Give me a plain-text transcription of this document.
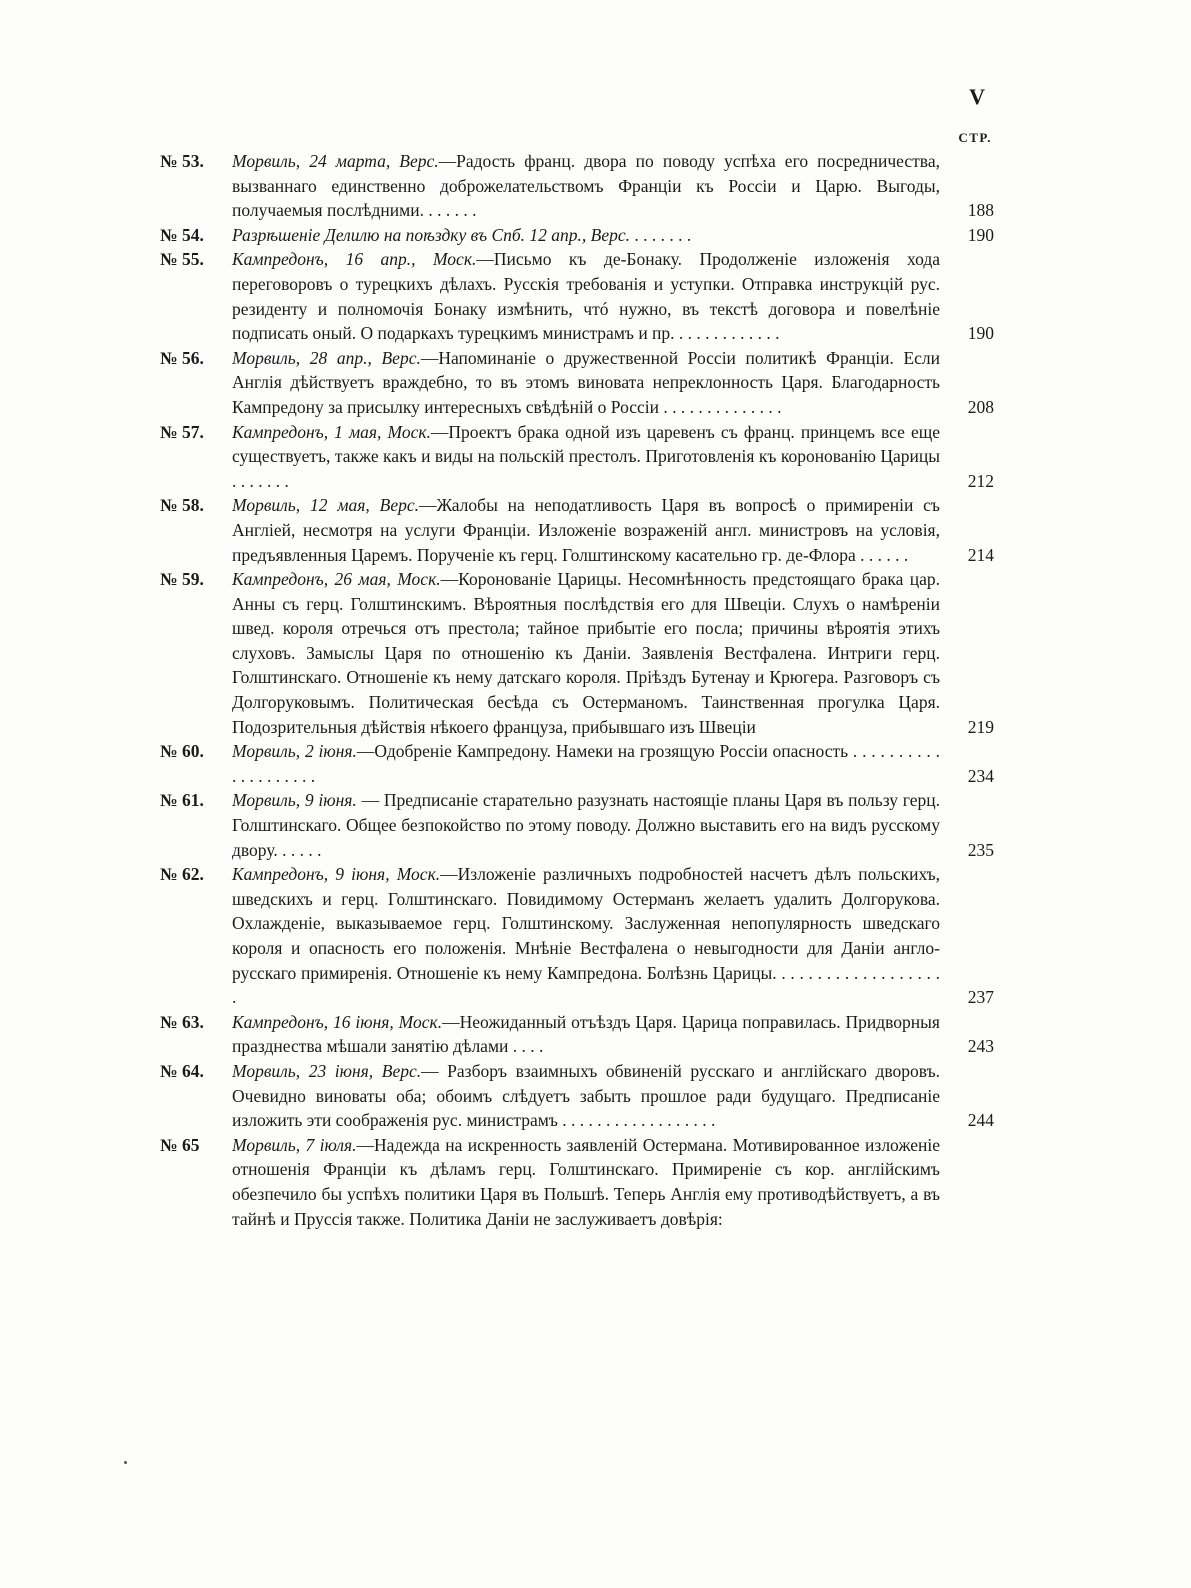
V
СТР.
№ 53.	Морвиль, 24 марта, Верс.—Радость франц. двора по поводу успѣха его посредничества, вызваннаго единственно доброжелательствомъ Франціи къ Россіи и Царю. Выгоды, получаемыя послѣдними. . . . . . .	188
№ 54.	Разрѣшеніе Делилю на поѣздку въ Спб. 12 апр., Верс. . . . . . . .	190
№ 55.	Кампредонъ, 16 апр., Моск.—Письмо къ де-Бонаку. Продолженіе изложенія хода переговоровъ о турецкихъ дѣлахъ. Русскія требованія и уступки. Отправка инструкцій рус. резиденту и полномочія Бонаку измѣнить, чтó нужно, въ текстѣ договора и повелѣніе подписать оный. О подаркахъ турецкимъ министрамъ и пр. . . . . . . . . . . . .	190
№ 56.	Морвиль, 28 апр., Верс.—Напоминаніе о дружественной Россіи политикѣ Франціи. Если Англія дѣйствуетъ враждебно, то въ этомъ виновата непреклонность Царя. Благодарность Кампредону за присылку интересныхъ свѣдѣній о Россіи . . . . . . . . . . . . . .	208
№ 57.	Кампредонъ, 1 мая, Моск.—Проектъ брака одной изъ царевенъ съ франц. принцемъ все еще существуетъ, также какъ и виды на польскій престолъ. Приготовленія къ коронованію Царицы . . . . . . .	212
№ 58.	Морвиль, 12 мая, Верс.—Жалобы на неподатливость Царя въ вопросѣ о примиреніи съ Англіей, несмотря на услуги Франціи. Изложеніе возраженій англ. министровъ на условія, предъявленныя Царемъ. Порученіе къ герц. Голштинскому касательно гр. де-Флора . . . . . .	214
№ 59.	Кампредонъ, 26 мая, Моск.—Коронованіе Царицы. Несомнѣнность предстоящаго брака цар. Анны съ герц. Голштинскимъ. Вѣроятныя послѣдствія его для Швеціи. Слухъ о намѣреніи швед. короля отречься отъ престола; тайное прибытіе его посла; причины вѣроятія этихъ слуховъ. Замыслы Царя по отношенію къ Даніи. Заявленія Вестфалена. Интриги герц. Голштинскаго. Отношеніе къ нему датскаго короля. Пріѣздъ Бутенау и Крюгера. Разговоръ съ Долгоруковымъ. Политическая бесѣда съ Остерманомъ. Таинственная прогулка Царя. Подозрительныя дѣйствія нѣкоего француза, прибывшаго изъ Швеціи	219
№ 60.	Морвиль, 2 іюня.—Одобреніе Кампредону. Намеки на грозящую Россіи опасность . . . . . . . . . . . . . . . . . . . .	234
№ 61.	Морвиль, 9 іюня. — Предписаніе старательно разузнать настоящіе планы Царя въ пользу герц. Голштинскаго. Общее безпокойство по этому поводу. Должно выставить его на видъ русскому двору. . . . . .	235
№ 62.	Кампредонъ, 9 іюня, Моск.—Изложеніе различныхъ подробностей насчетъ дѣлъ польскихъ, шведскихъ и герц. Голштинскаго. Повидимому Остерманъ желаетъ удалить Долгорукова. Охлажденіе, выказываемое герц. Голштинскому. Заслуженная непопулярность шведскаго короля и опасность его положенія. Мнѣніе Вестфалена о невыгодности для Даніи англо-русскаго примиренія. Отношеніе къ нему Кампредона. Болѣзнь Царицы. . . . . . . . . . . . . . . . . . . .	237
№ 63.	Кампредонъ, 16 іюня, Моск.—Неожиданный отъѣздъ Царя. Царица поправилась. Придворныя празднества мѣшали занятію дѣлами . . . .	243
№ 64.	Морвиль, 23 іюня, Верс.— Разборъ взаимныхъ обвиненій русскаго и англійскаго дворовъ. Очевидно виноваты оба; обоимъ слѣдуетъ забыть прошлое ради будущаго. Предписаніе изложить эти соображенія рус. министрамъ . . . . . . . . . . . . . . . . . .	244
№ 65	Морвиль, 7 іюля.—Надежда на искренность заявленій Остермана. Мотивированное изложеніе отношенія Франціи къ дѣламъ герц. Голштинскаго. Примиреніе съ кор. англійскимъ обезпечило бы успѣхъ политики Царя въ Польшѣ. Теперь Англія ему противодѣйствуетъ, а въ тайнѣ и Пруссія также. Политика Даніи не заслуживаетъ довѣрія:
